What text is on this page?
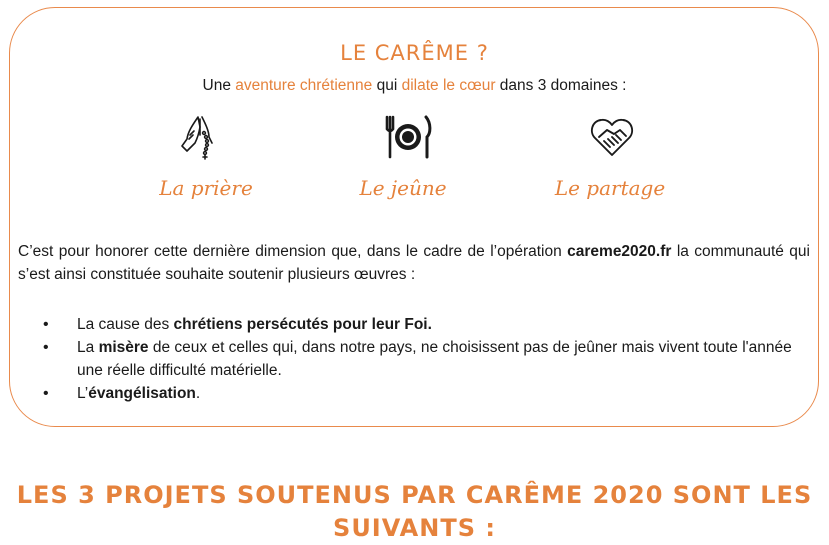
LE CARÊME ?
Une aventure chrétienne qui dilate le cœur dans 3 domaines :
La prière	Le jeûne	Le partage

C’est pour honorer cette dernière dimension que, dans le cadre de l’opération careme2020.fr la communauté qui s’est ainsi constituée souhaite soutenir plusieurs œuvres :

• La cause des chrétiens persécutés pour leur Foi.
• La misère de ceux et celles qui, dans notre pays, ne choisissent pas de jeûner mais vivent toute l'année une réelle difficulté matérielle.
• L’évangélisation.
LES 3 PROJETS SOUTENUS PAR CARÊME 2020 SONT LES SUIVANTS :
